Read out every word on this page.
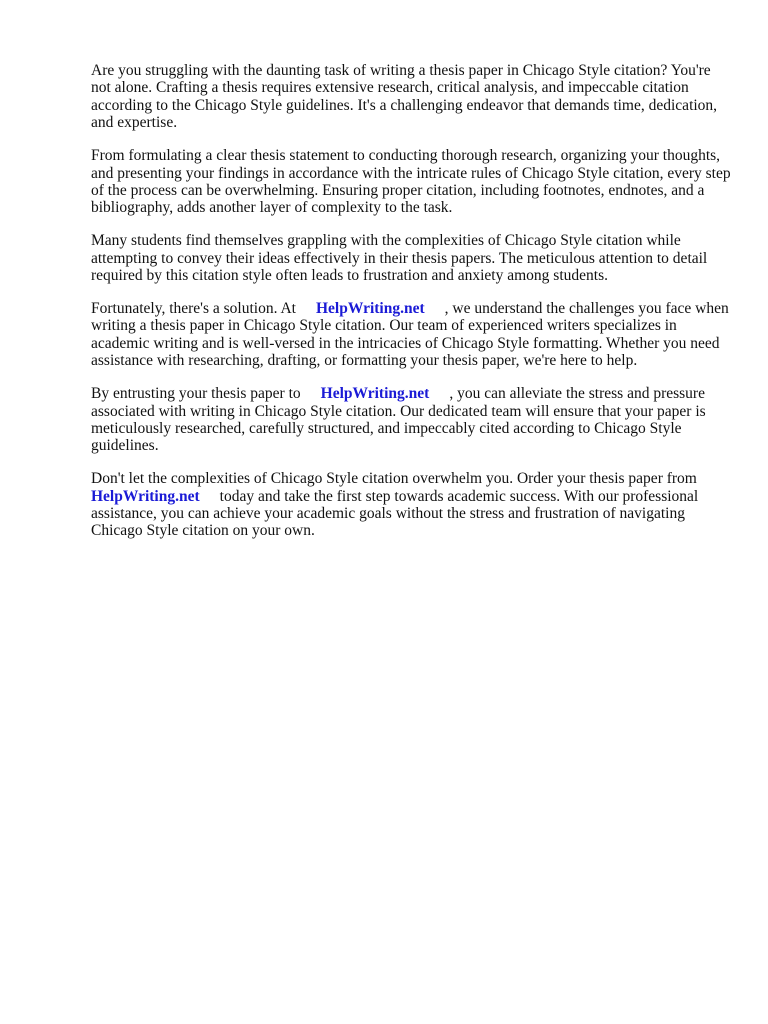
Are you struggling with the daunting task of writing a thesis paper in Chicago Style citation? You're not alone. Crafting a thesis requires extensive research, critical analysis, and impeccable citation according to the Chicago Style guidelines. It's a challenging endeavor that demands time, dedication, and expertise.

From formulating a clear thesis statement to conducting thorough research, organizing your thoughts, and presenting your findings in accordance with the intricate rules of Chicago Style citation, every step of the process can be overwhelming. Ensuring proper citation, including footnotes, endnotes, and a bibliography, adds another layer of complexity to the task.

Many students find themselves grappling with the complexities of Chicago Style citation while attempting to convey their ideas effectively in their thesis papers. The meticulous attention to detail required by this citation style often leads to frustration and anxiety among students.

Fortunately, there's a solution. At HelpWriting.net , we understand the challenges you face when writing a thesis paper in Chicago Style citation. Our team of experienced writers specializes in academic writing and is well-versed in the intricacies of Chicago Style formatting. Whether you need assistance with researching, drafting, or formatting your thesis paper, we're here to help.

By entrusting your thesis paper to HelpWriting.net , you can alleviate the stress and pressure associated with writing in Chicago Style citation. Our dedicated team will ensure that your paper is meticulously researched, carefully structured, and impeccably cited according to Chicago Style guidelines.

Don't let the complexities of Chicago Style citation overwhelm you. Order your thesis paper from HelpWriting.net today and take the first step towards academic success. With our professional assistance, you can achieve your academic goals without the stress and frustration of navigating Chicago Style citation on your own.
